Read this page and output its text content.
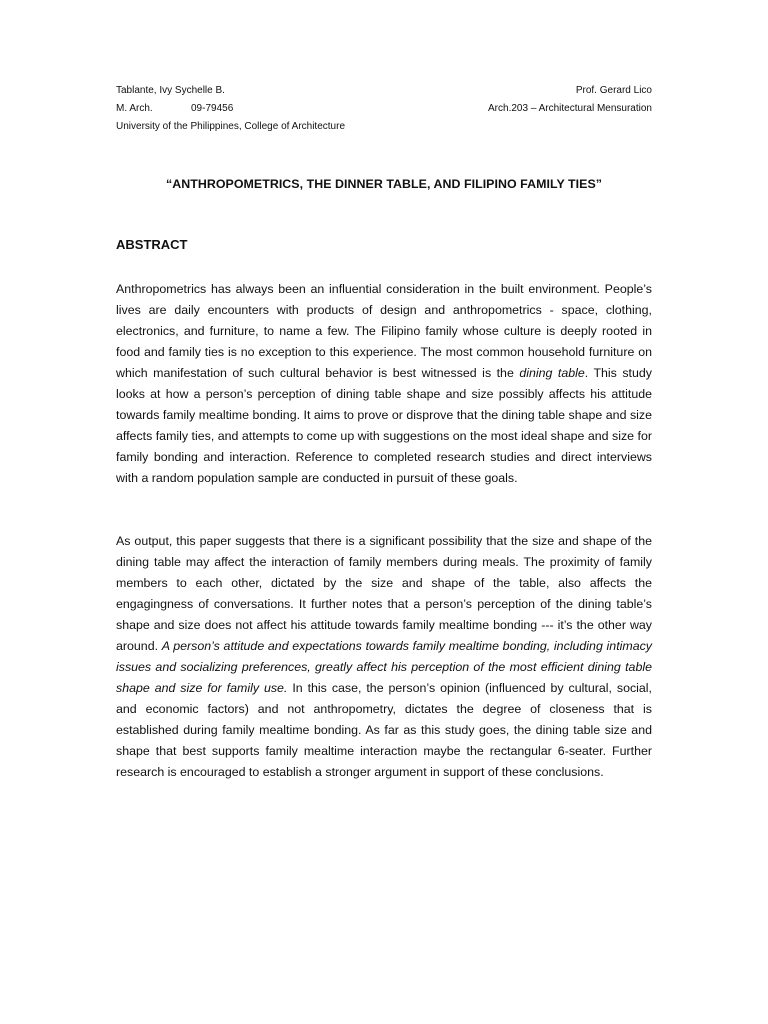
Tablante, Ivy Sychelle B.	Prof. Gerard Lico
M. Arch.	09-79456	Arch.203 – Architectural Mensuration
University of the Philippines, College of Architecture
“ANTHROPOMETRICS, THE DINNER TABLE, AND FILIPINO FAMILY TIES”
ABSTRACT

Anthropometrics has always been an influential consideration in the built environment. People’s lives are daily encounters with products of design and anthropometrics - space, clothing, electronics, and furniture, to name a few. The Filipino family whose culture is deeply rooted in food and family ties is no exception to this experience. The most common household furniture on which manifestation of such cultural behavior is best witnessed is the dining table. This study looks at how a person’s perception of dining table shape and size possibly affects his attitude towards family mealtime bonding. It aims to prove or disprove that the dining table shape and size affects family ties, and attempts to come up with suggestions on the most ideal shape and size for family bonding and interaction. Reference to completed research studies and direct interviews with a random population sample are conducted in pursuit of these goals.

As output, this paper suggests that there is a significant possibility that the size and shape of the dining table may affect the interaction of family members during meals. The proximity of family members to each other, dictated by the size and shape of the table, also affects the engagingness of conversations. It further notes that a person’s perception of the dining table’s shape and size does not affect his attitude towards family mealtime bonding --- it’s the other way around. A person’s attitude and expectations towards family mealtime bonding, including intimacy issues and socializing preferences, greatly affect his perception of the most efficient dining table shape and size for family use. In this case, the person’s opinion (influenced by cultural, social, and economic factors) and not anthropometry, dictates the degree of closeness that is established during family mealtime bonding. As far as this study goes, the dining table size and shape that best supports family mealtime interaction maybe the rectangular 6-seater. Further research is encouraged to establish a stronger argument in support of these conclusions.
